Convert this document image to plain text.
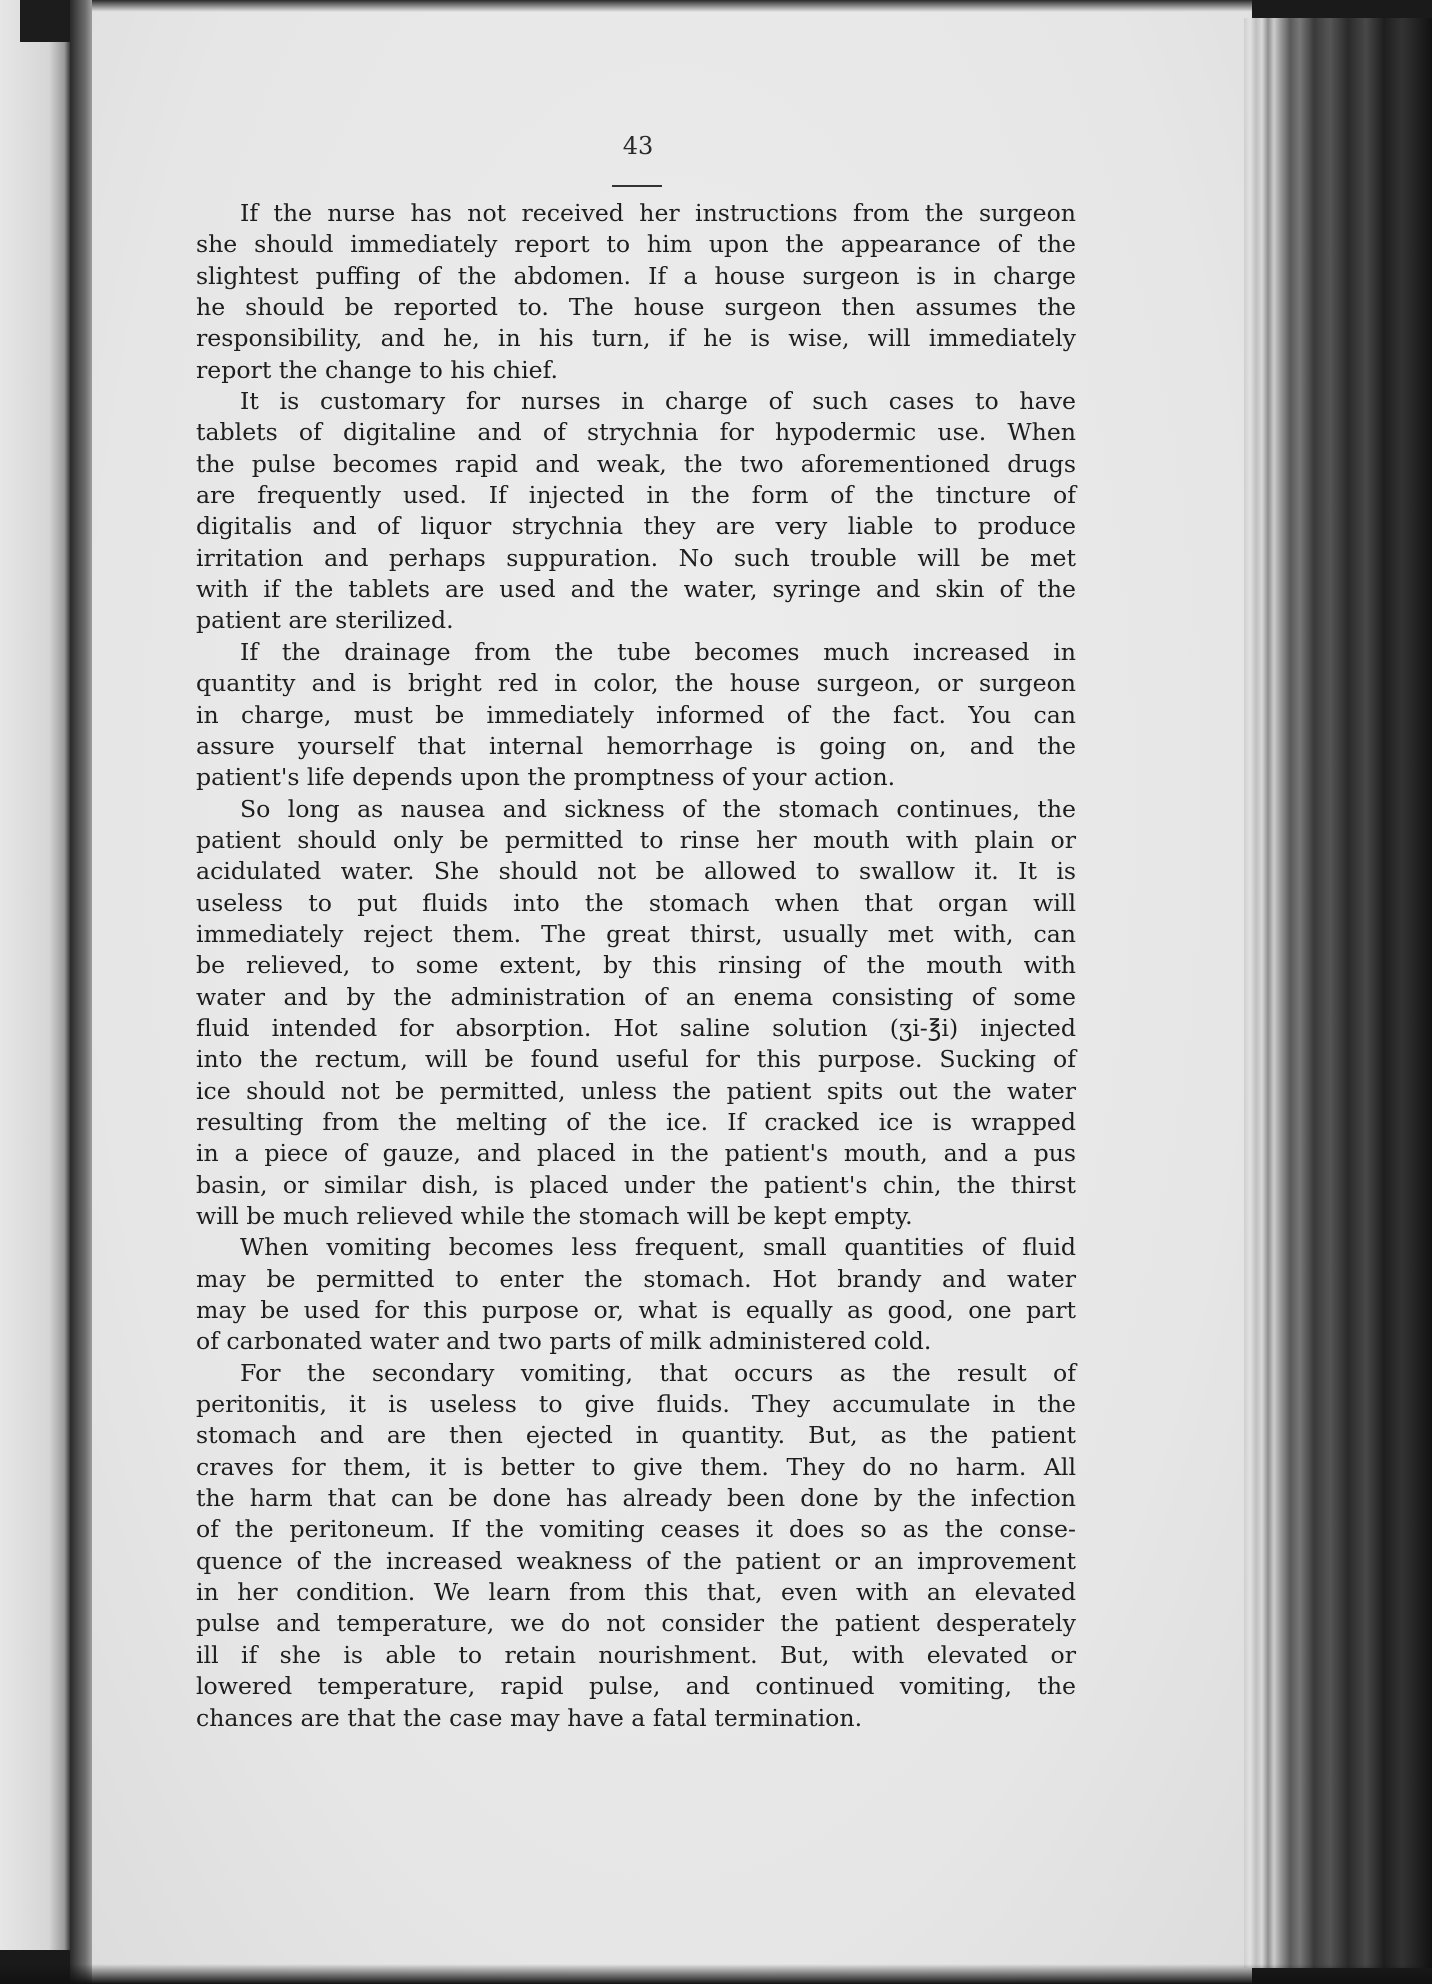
43
If the nurse has not received her instructions from the surgeon
she should immediately report to him upon the appearance of the
slightest puffing of the abdomen. If a house surgeon is in charge
he should be reported to. The house surgeon then assumes the
responsibility, and he, in his turn, if he is wise, will immediately
report the change to his chief.
It is customary for nurses in charge of such cases to have
tablets of digitaline and of strychnia for hypodermic use. When
the pulse becomes rapid and weak, the two aforementioned drugs
are frequently used. If injected in the form of the tincture of
digitalis and of liquor strychnia they are very liable to produce
irritation and perhaps suppuration. No such trouble will be met
with if the tablets are used and the water, syringe and skin of the
patient are sterilized.
If the drainage from the tube becomes much increased in
quantity and is bright red in color, the house surgeon, or surgeon
in charge, must be immediately informed of the fact. You can
assure yourself that internal hemorrhage is going on, and the
patient's life depends upon the promptness of your action.
So long as nausea and sickness of the stomach continues, the
patient should only be permitted to rinse her mouth with plain or
acidulated water. She should not be allowed to swallow it. It is
useless to put fluids into the stomach when that organ will
immediately reject them. The great thirst, usually met with, can
be relieved, to some extent, by this rinsing of the mouth with
water and by the administration of an enema consisting of some
fluid intended for absorption. Hot saline solution (ʒi-℥i) injected
into the rectum, will be found useful for this purpose. Sucking of
ice should not be permitted, unless the patient spits out the water
resulting from the melting of the ice. If cracked ice is wrapped
in a piece of gauze, and placed in the patient's mouth, and a pus
basin, or similar dish, is placed under the patient's chin, the thirst
will be much relieved while the stomach will be kept empty.
When vomiting becomes less frequent, small quantities of fluid
may be permitted to enter the stomach. Hot brandy and water
may be used for this purpose or, what is equally as good, one part
of carbonated water and two parts of milk administered cold.
For the secondary vomiting, that occurs as the result of
peritonitis, it is useless to give fluids. They accumulate in the
stomach and are then ejected in quantity. But, as the patient
craves for them, it is better to give them. They do no harm. All
the harm that can be done has already been done by the infection
of the peritoneum. If the vomiting ceases it does so as the conse-
quence of the increased weakness of the patient or an improvement
in her condition. We learn from this that, even with an elevated
pulse and temperature, we do not consider the patient desperately
ill if she is able to retain nourishment. But, with elevated or
lowered temperature, rapid pulse, and continued vomiting, the
chances are that the case may have a fatal termination.
